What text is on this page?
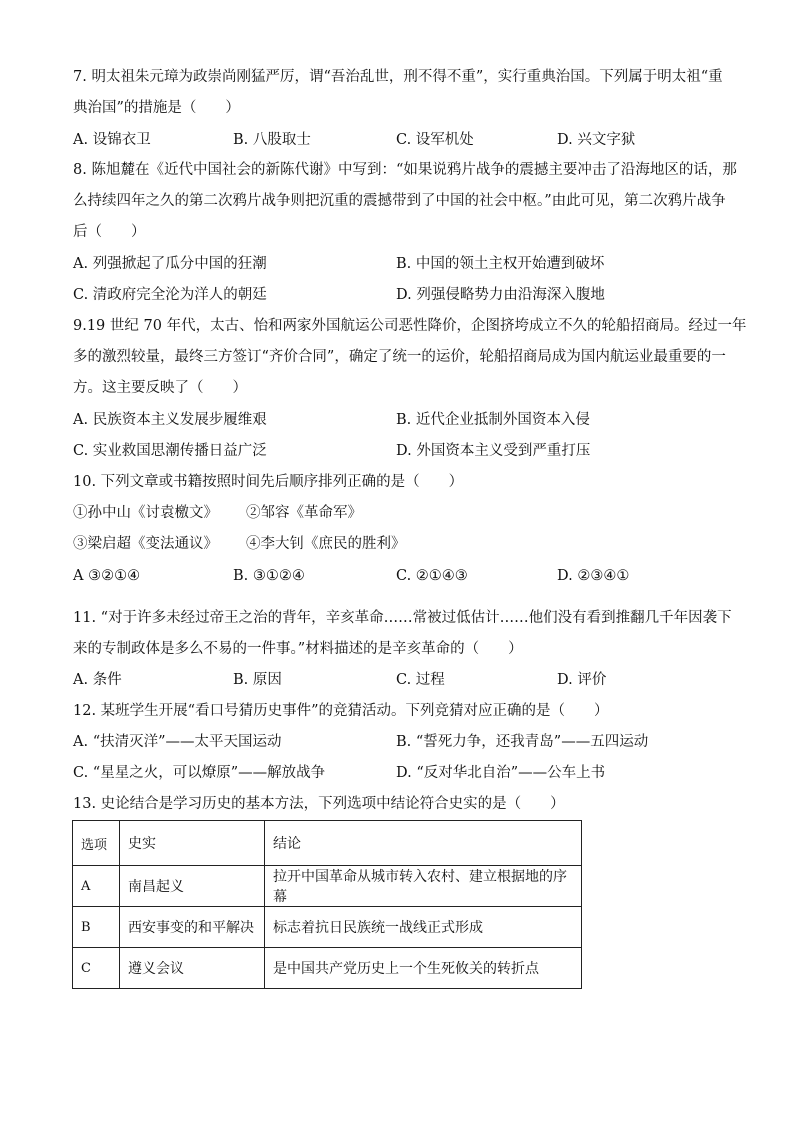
7. 明太祖朱元璋为政崇尚刚猛严厉，谓“吾治乱世，刑不得不重”，实行重典治国。下列属于明太祖“重
典治国”的措施是（　　）
A. 设锦衣卫	B. 八股取士	C. 设军机处	D. 兴文字狱
8. 陈旭麓在《近代中国社会的新陈代谢》中写到：“如果说鸦片战争的震撼主要冲击了沿海地区的话，那
么持续四年之久的第二次鸦片战争则把沉重的震撼带到了中国的社会中枢。”由此可见，第二次鸦片战争
后（　　）
A. 列强掀起了瓜分中国的狂潮	B. 中国的领土主权开始遭到破坏
C. 清政府完全沦为洋人的朝廷	D. 列强侵略势力由沿海深入腹地
9.19 世纪 70 年代，太古、怡和两家外国航运公司恶性降价，企图挤垮成立不久的轮船招商局。经过一年
多的激烈较量，最终三方签订“齐价合同”，确定了统一的运价，轮船招商局成为国内航运业最重要的一
方。这主要反映了（　　）
A. 民族资本主义发展步履维艰	B. 近代企业抵制外国资本入侵
C. 实业救国思潮传播日益广泛	D. 外国资本主义受到严重打压
10. 下列文章或书籍按照时间先后顺序排列正确的是（　　）
①孙中山《讨袁檄文》 ②邹容《革命军》
③梁启超《变法通议》 ④李大钊《庶民的胜利》
A ③②①④	B. ③①②④	C. ②①④③	D. ②③④①
11. “对于许多未经过帝王之治的背年，辛亥革命……常被过低估计……他们没有看到推翻几千年因袭下
来的专制政体是多么不易的一件事。”材料描述的是辛亥革命的（　　）
A. 条件	B. 原因	C. 过程	D. 评价
12. 某班学生开展“看口号猜历史事件”的竞猜活动。下列竞猜对应正确的是（　　）
A. “扶清灭洋”——太平天国运动	B. “誓死力争，还我青岛”——五四运动
C. “星星之火，可以燎原”——解放战争	D. “反对华北自治”——公车上书
13. 史论结合是学习历史的基本方法，下列选项中结论符合史实的是（　　）
选项	史实	结论
A	南昌起义	拉开中国革命从城市转入农村、建立根据地的序幕
B	西安事变的和平解决	标志着抗日民族统一战线正式形成
C	遵义会议	是中国共产党历史上一个生死攸关的转折点
